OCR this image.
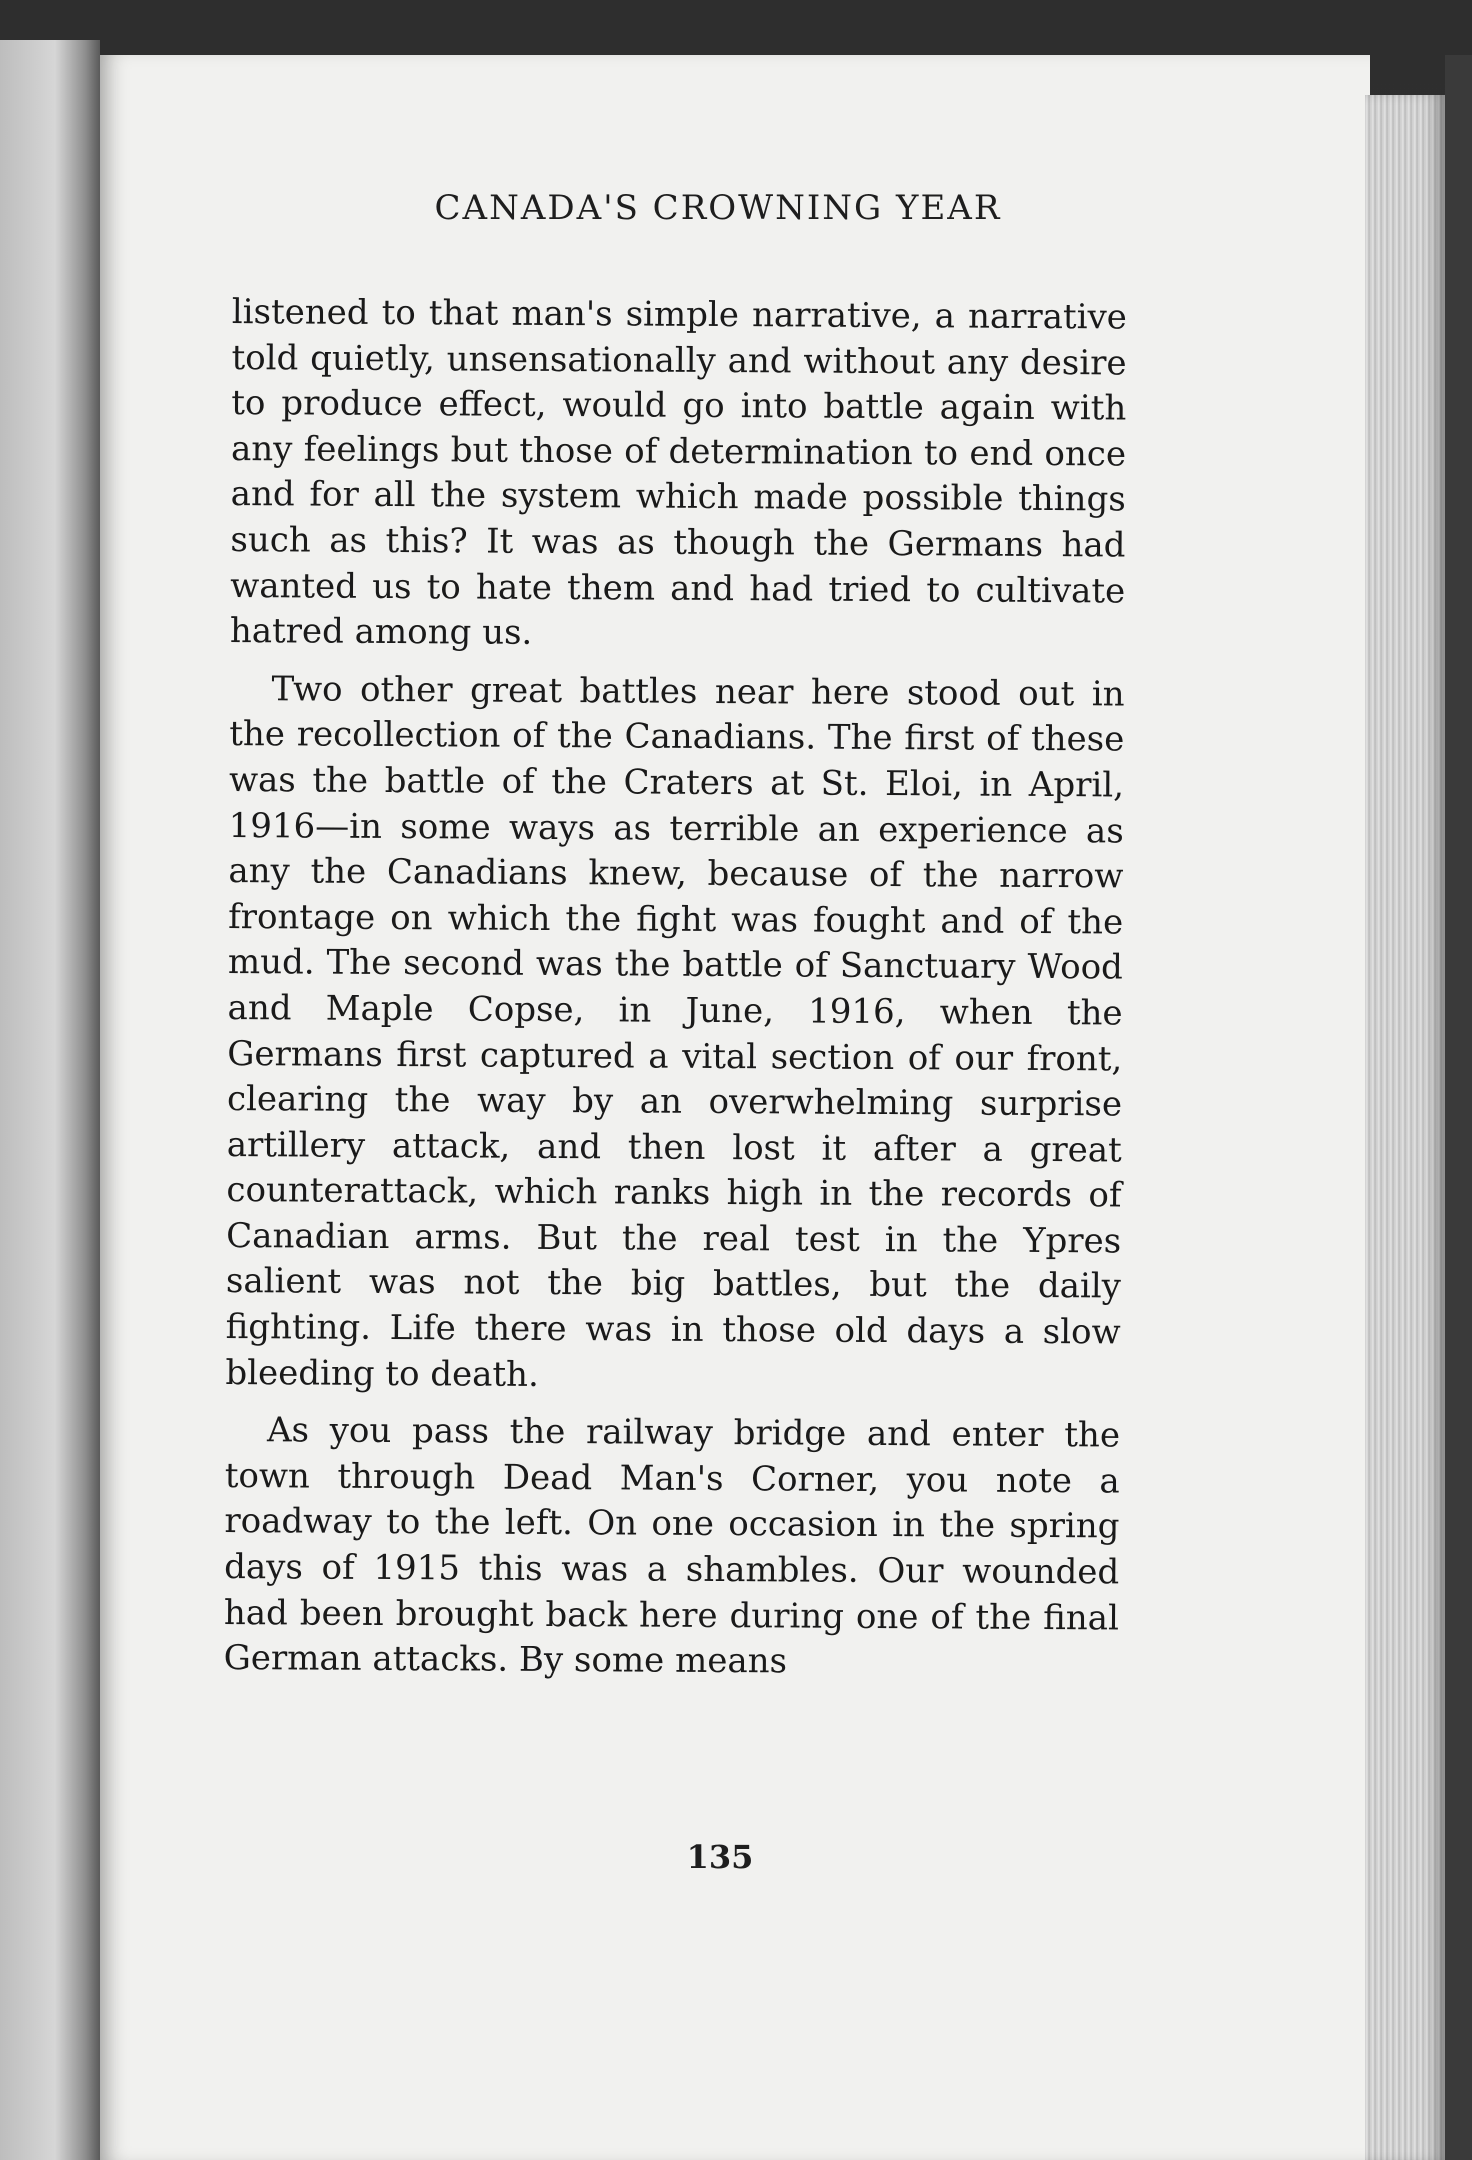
CANADA'S CROWNING YEAR

listened to that man's simple narrative, a narrative told quietly, unsensationally and without any desire to produce effect, would go into battle again with any feelings but those of determination to end once and for all the system which made possible things such as this? It was as though the Germans had wanted us to hate them and had tried to cultivate hatred among us.

Two other great battles near here stood out in the recollection of the Canadians. The first of these was the battle of the Craters at St. Eloi, in April, 1916—in some ways as terrible an experience as any the Canadians knew, because of the narrow frontage on which the fight was fought and of the mud. The second was the battle of Sanctuary Wood and Maple Copse, in June, 1916, when the Germans first captured a vital section of our front, clearing the way by an overwhelming surprise artillery attack, and then lost it after a great counterattack, which ranks high in the records of Canadian arms. But the real test in the Ypres salient was not the big battles, but the daily fighting. Life there was in those old days a slow bleeding to death.

As you pass the railway bridge and enter the town through Dead Man's Corner, you note a roadway to the left. On one occasion in the spring days of 1915 this was a shambles. Our wounded had been brought back here during one of the final German attacks. By some means

135
